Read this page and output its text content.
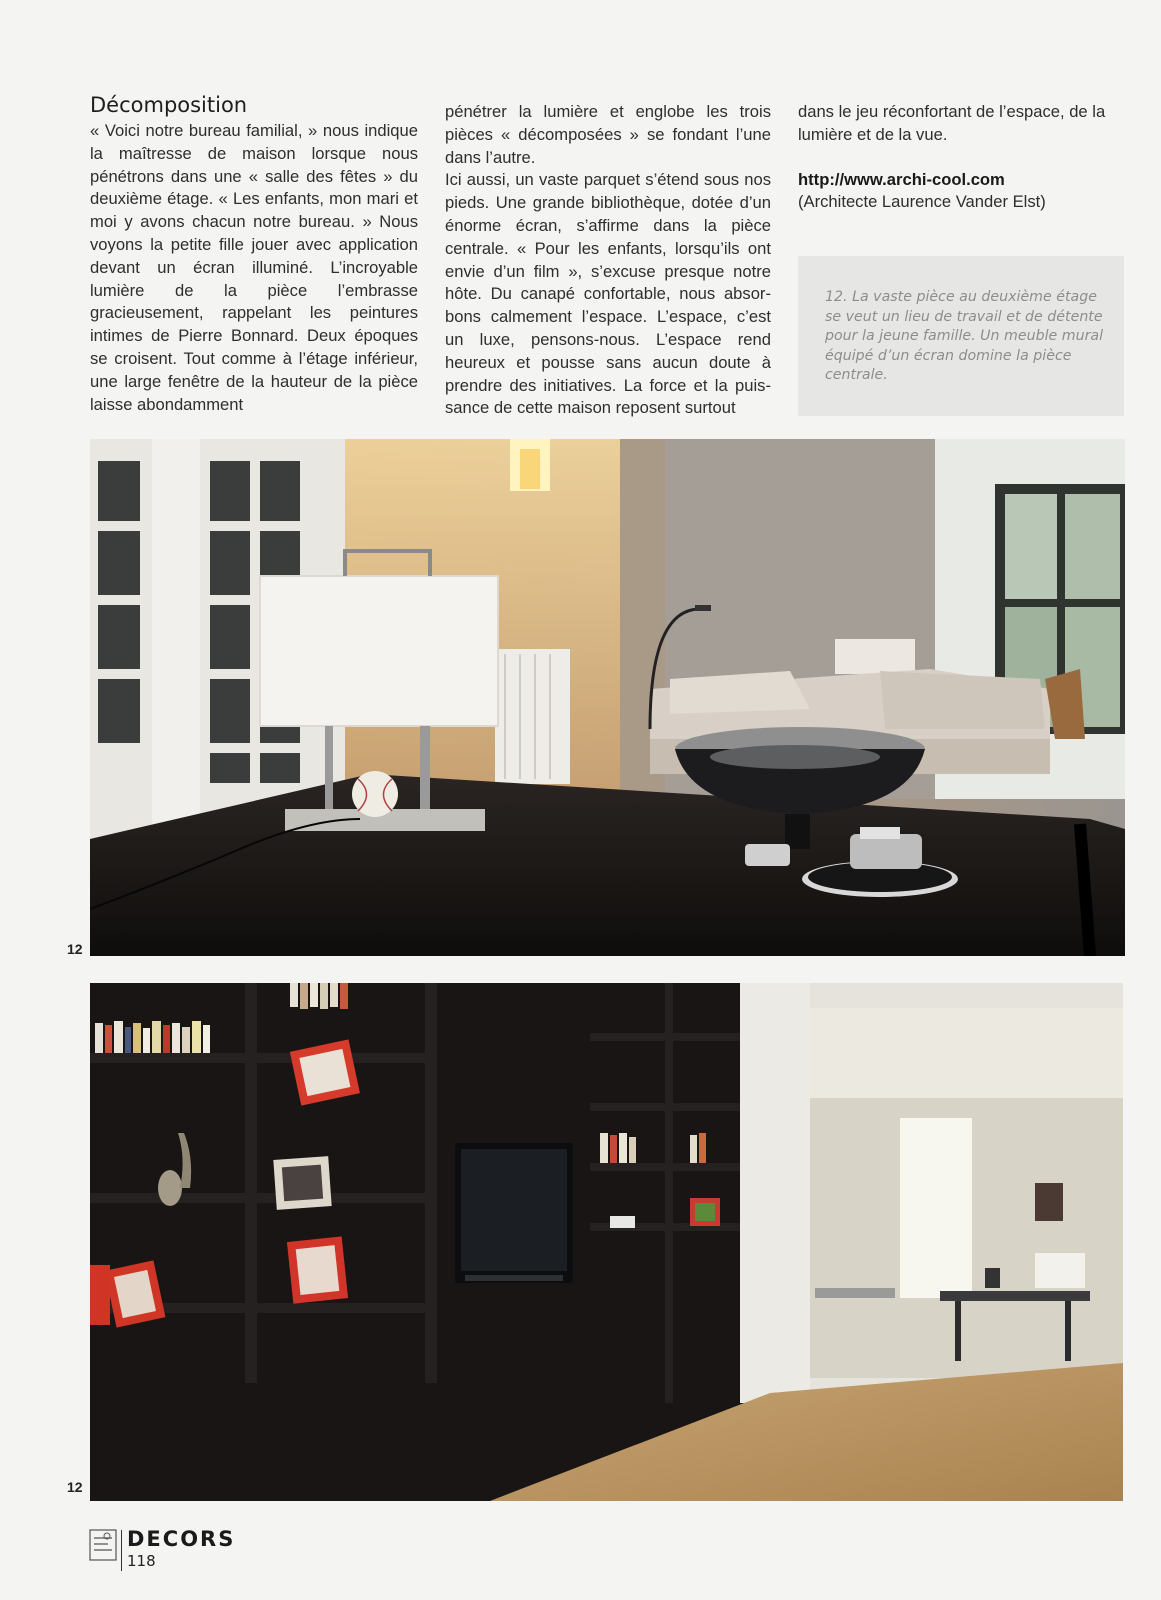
Décomposition

« Voici notre bureau familial, » nous indique la maîtresse de maison lorsque nous pénétrons dans une « salle des fêtes » du deuxième étage. « Les enfants, mon mari et moi y avons chacun notre bureau. » Nous voyons la petite fille jouer avec application devant un écran illuminé. L’incroyable lumière de la pièce l’embrasse gracieusement, rappelant les peintures intimes de Pierre Bonnard. Deux époques se croisent. Tout comme à l’étage inférieur, une large fenêtre de la hauteur de la pièce laisse abondamment

pénétrer la lumière et englobe les trois pièces « décomposées » se fondant l’une dans l’autre.

Ici aussi, un vaste parquet s’étend sous nos pieds. Une grande bibliothèque, dotée d’un énorme écran, s’affirme dans la pièce centrale. « Pour les enfants, lorsqu’ils ont envie d’un film », s’excuse presque notre hôte. Du canapé confortable, nous absorbons calmement l’espace. L’espace, c’est un luxe, pensons-nous. L’espace rend heureux et pousse sans aucun doute à prendre des initiatives. La force et la puissance de cette maison reposent surtout

dans le jeu réconfortant de l’espace, de la lumière et de la vue.

http://www.archi-cool.com

(Architecte Laurence Vander Elst)

12. La vaste pièce au deuxième étage se veut un lieu de travail et de détente pour la jeune famille. Un meuble mural équipé d’un écran domine la pièce centrale.

12
12
DECORS
118
